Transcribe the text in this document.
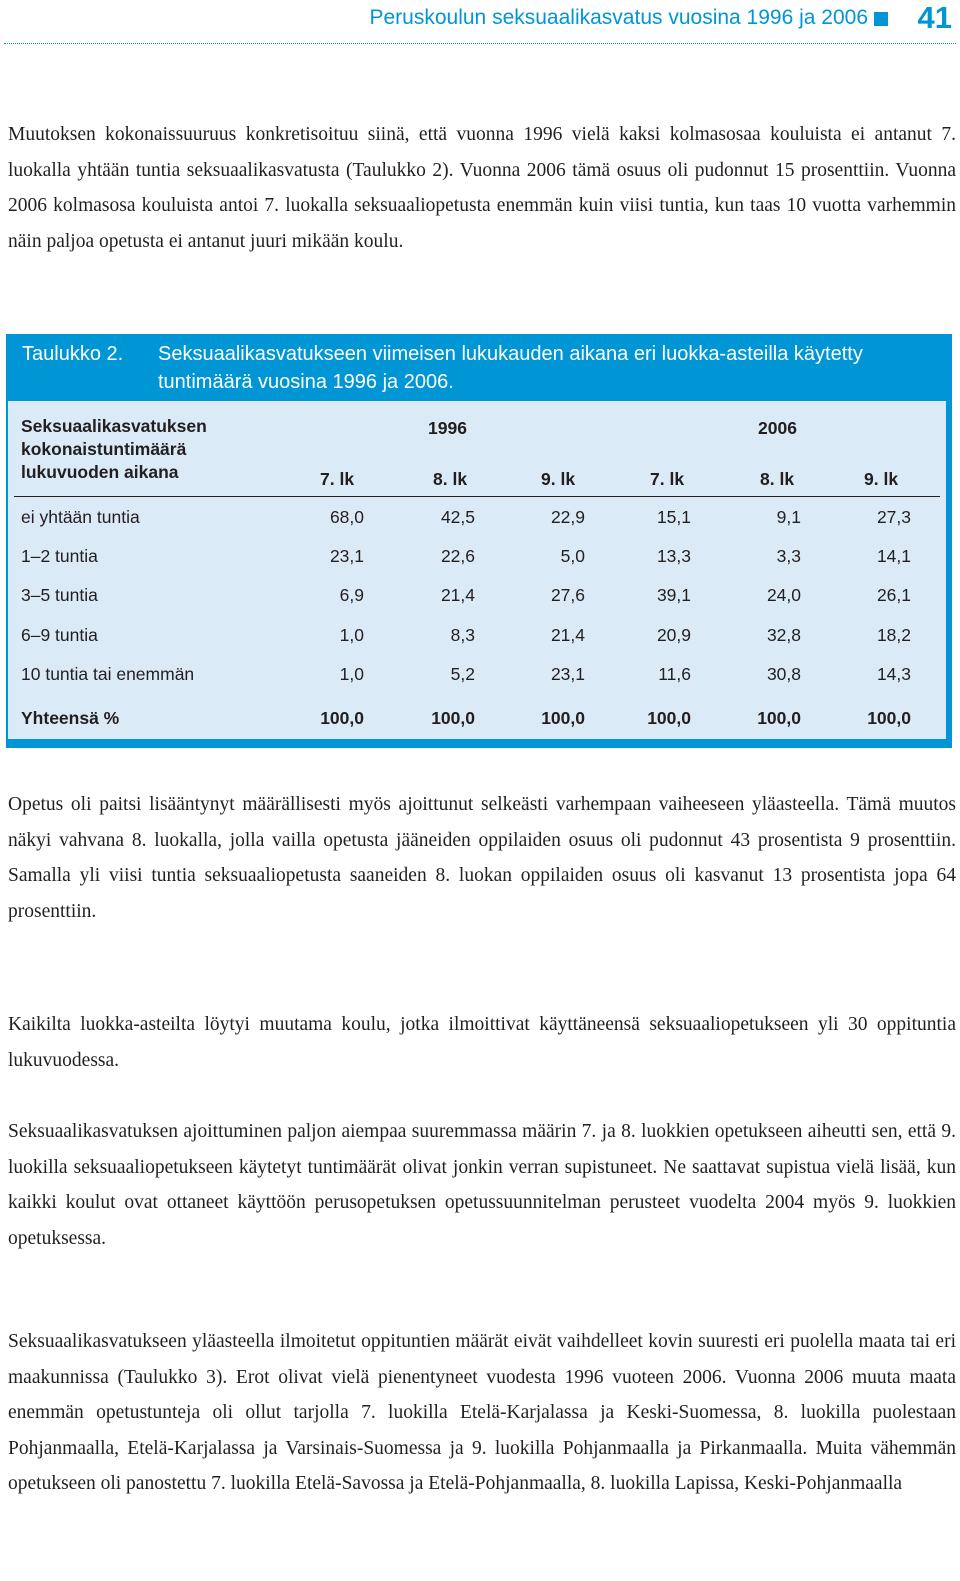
Peruskoulun seksuaalikasvatus vuosina 1996 ja 2006 41

Muutoksen kokonaissuuruus konkretisoituu siinä, että vuonna 1996 vielä kaksi kolmasosaa kouluista ei antanut 7. luokalla yhtään tuntia seksuaalikasvatusta (Taulukko 2). Vuonna 2006 tämä osuus oli pudonnut 15 prosenttiin. Vuonna 2006 kolmasosa kouluista antoi 7. luokalla seksuaaliopetusta enemmän kuin viisi tuntia, kun taas 10 vuotta varhemmin näin paljoa opetusta ei antanut juuri mikään koulu.

Taulukko 2. Seksuaalikasvatukseen viimeisen lukukauden aikana eri luokka-asteilla käytetty tuntimäärä vuosina 1996 ja 2006.
Seksuaalikasvatuksen kokonaistuntimäärä lukuvuoden aikana
1996	2006
7. lk	8. lk	9. lk	7. lk	8. lk	9. lk
ei yhtään tuntia	68,0	42,5	22,9	15,1	9,1	27,3
1–2 tuntia	23,1	22,6	5,0	13,3	3,3	14,1
3–5 tuntia	6,9	21,4	27,6	39,1	24,0	26,1
6–9 tuntia	1,0	8,3	21,4	20,9	32,8	18,2
10 tuntia tai enemmän	1,0	5,2	23,1	11,6	30,8	14,3
Yhteensä %	100,0	100,0	100,0	100,0	100,0	100,0

Opetus oli paitsi lisääntynyt määrällisesti myös ajoittunut selkeästi varhempaan vaiheeseen yläasteella. Tämä muutos näkyi vahvana 8. luokalla, jolla vailla opetusta jääneiden oppilaiden osuus oli pudonnut 43 prosentista 9 prosenttiin. Samalla yli viisi tuntia seksuaaliopetusta saaneiden 8. luokan oppilaiden osuus oli kasvanut 13 prosentista jopa 64 prosenttiin.

Kaikilta luokka-asteilta löytyi muutama koulu, jotka ilmoittivat käyttäneensä seksuaaliopetukseen yli 30 oppituntia lukuvuodessa.

Seksuaalikasvatuksen ajoittuminen paljon aiempaa suuremmassa määrin 7. ja 8. luokkien opetukseen aiheutti sen, että 9. luokilla seksuaaliopetukseen käytetyt tuntimäärät olivat jonkin verran supistuneet. Ne saattavat supistua vielä lisää, kun kaikki koulut ovat ottaneet käyttöön perusopetuksen opetussuunnitelman perusteet vuodelta 2004 myös 9. luokkien opetuksessa.

Seksuaalikasvatukseen yläasteella ilmoitetut oppituntien määrät eivät vaihdelleet kovin suuresti eri puolella maata tai eri maakunnissa (Taulukko 3). Erot olivat vielä pienentyneet vuodesta 1996 vuoteen 2006. Vuonna 2006 muuta maata enemmän opetustunteja oli ollut tarjolla 7. luokilla Etelä-Karjalassa ja Keski-Suomessa, 8. luokilla puolestaan Pohjanmaalla, Etelä-Karjalassa ja Varsinais-Suomessa ja 9. luokilla Pohjanmaalla ja Pirkanmaalla. Muita vähemmän opetukseen oli panostettu 7. luokilla Etelä-Savossa ja Etelä-Pohjanmaalla, 8. luokilla Lapissa, Keski-Pohjanmaalla
